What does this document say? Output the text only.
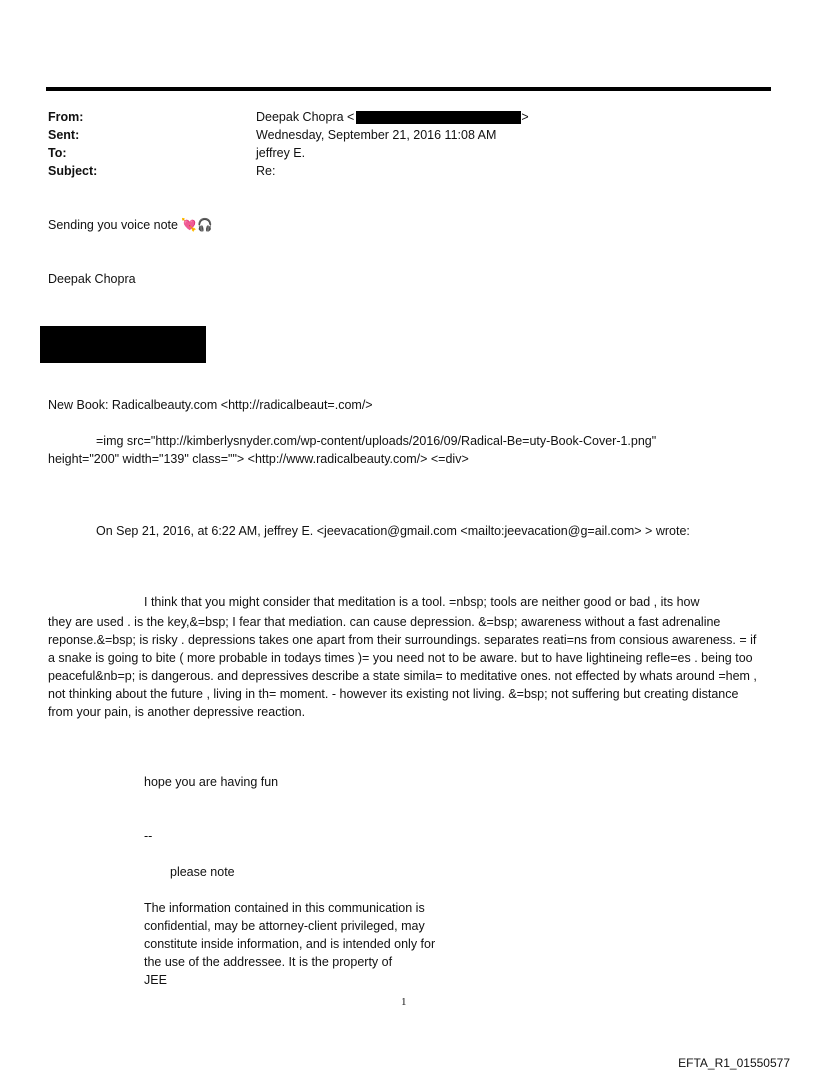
From:	Deepak Chopra <	>
Sent:	Wednesday, September 21, 2016 11:08 AM
To:	jeffrey E.
Subject:	Re:
Sending you voice note 💘🎧
Deepak Chopra
New Book: Radicalbeauty.com <http://radicalbeaut=.com/>
=img src="http://kimberlysnyder.com/wp-content/uploads/2016/09/Radical-Be=uty-Book-Cover-1.png"
height="200" width="139" class=""> <http://www.radicalbeauty.com/> <=div>
On Sep 21, 2016, at 6:22 AM, jeffrey E. <jeevacation@gmail.com <mailto:jeevacation@g=ail.com> > wrote:
I think that you might consider that meditation is a tool. =nbsp; tools are neither good or bad , its how
they are used . is the key,&=bsp; I fear that mediation. can cause depression. &=bsp; awareness without a fast adrenaline reponse.&=bsp; is risky . depressions takes one apart from their surroundings. separates reati=ns from consious awareness. = if a snake is going to bite ( more probable in todays times )= you need not to be aware. but to have lightineing refle=es . being too peaceful&nb=p; is dangerous. and depressives describe a state simila= to meditative ones. not effected by whats around =hem , not thinking about the future , living in th= moment. - however its existing not living. &=bsp; not suffering but creating distance from your pain, is another depressive reaction.
hope you are having fun
--
please note
The information contained in this communication is
confidential, may be attorney-client privileged, may
constitute inside information, and is intended only for
the use of the addressee. It is the property of
JEE
1
EFTA_R1_01550577
